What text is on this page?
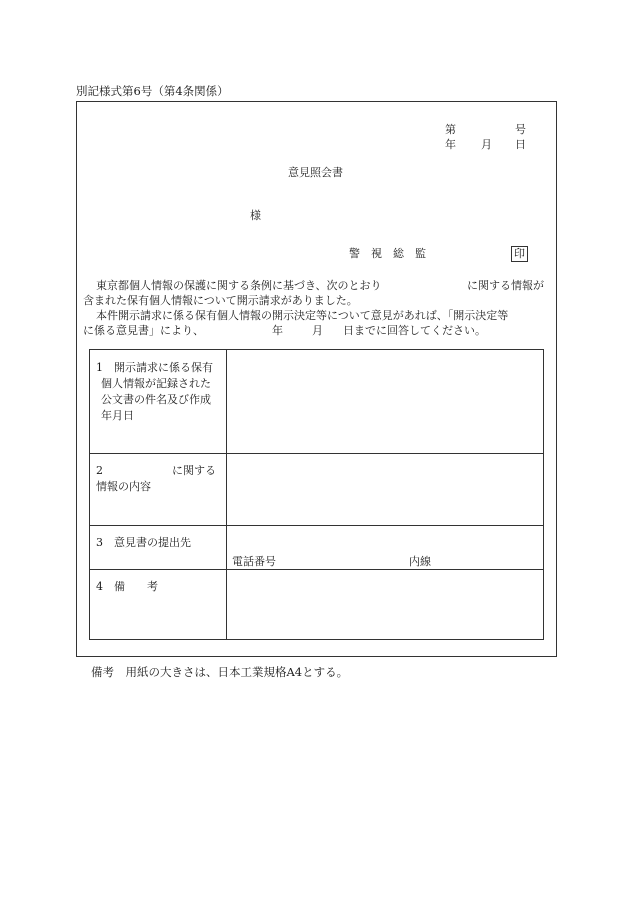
別記様式第6号（第4条関係）
第	号
年 月 日
意見照会書
様
警　視　総　監	印
東京都個人情報の保護に関する条例に基づき、次のとおり	に関する情報が
含まれた保有個人情報について開示請求がありました。
本件開示請求に係る保有個人情報の開示決定等について意見があれば、「開示決定等
に係る意見書」により、	年	月 日までに回答してください。
1　開示請求に係る保有
個人情報が記録された
公文書の件名及び作成
年月日
2	に関する
情報の内容
3　意見書の提出先
電話番号	内線
4　備　　考
備考　用紙の大きさは、日本工業規格A4とする。
